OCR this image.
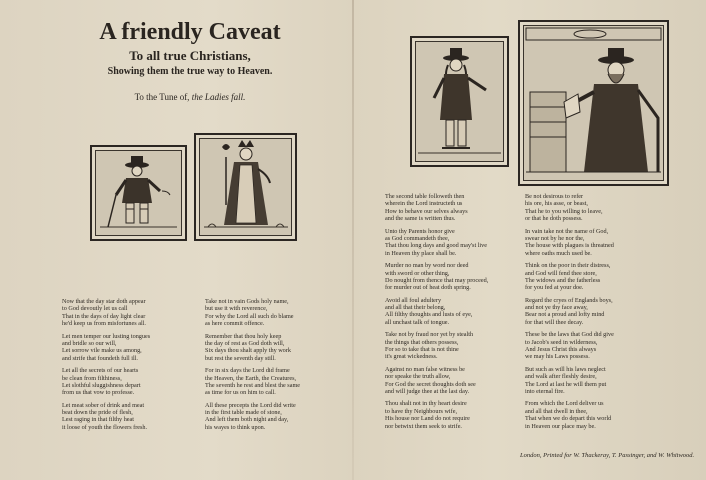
A friendly Caveat
To all true Christians,
Showing them the true way to Heaven.
To the Tune of, the Ladies fall.
Now that the day star doth appear
to God devoutly let us call
That in the days of day light clear
he'd keep us from misfortunes all.
Let men temper our lusting tongues
and bridle so our will,
Let sorrow vile make us among,
and strife that foundeth full ill.
Let all the secrets of our hearts
be clean from filthiness,
Let slothful sluggishness depart
from us that vow to professe.
Let meat sober of drink and meat
beat down the pride of flesh,
Lest raging in that filthy heat
it loose of youth the flowers fresh.
Take not in vain Gods holy name,
but use it with reverence,
For why the Lord all such do blame
as here commit offence.
Remember that thou holy keep
the day of rest as God doth will,
Six days thou shalt apply thy work
but rest the seventh day still.
For in six days the Lord did frame
the Heaven, the Earth, the Creatures,
The seventh he rest and blest the same
as time for us on him to call.
All these precepts the Lord did write
in the first table made of stone,
And left them both night and day,
his wayes to think upon.
The second table followeth then
wherein the Lord instructeth us
How to behave our selves always
and the same is written thus.
Unto thy Parents honor give
as God commandeth thee,
That thou long days and good may'st live
in Heaven thy place shall be.
Murder no man by word nor deed
with sword or other thing,
Do nought from thence that may proceed,
for murder out of heat doth spring.
Avoid all foul adultery
and all that their belong,
All filthy thoughts and lusts of eye,
all unchast talk of tongue.
Take not by fraud nor yet by stealth
the things that others possess,
For so to take that is not thine
it's great wickedness.
Against no man false witness be
nor speake the truth allow,
For God the secret thoughts doth see
and will judge thee at the last day.
Thou shalt not in thy heart desire
to have thy Neighbours wife,
His house nor Land do not require
nor betwixt them seek to strife.
Be not desirous to refer
his ore, his asse, or beast,
That he to you willing to leave,
or that he doth possess.
In vain take not the name of God,
swear not by he nor the,
The house with plagues is threatned
where oaths much used be.
Think on the poor in their distress,
and God will fend thee store,
The widows and the fatherless
for you fed at your doe.
Regard the cryes of Englands boys,
and not ye thy face away,
Bear not a proud and lofty mind
for that will thee decay.
These be the laws that God did give
to Jacob's seed in wilderness,
And Jesus Christ this always
we may his Laws possess.
But such as will his laws neglect
and walk after fleshly desire,
The Lord at last he will them put
into eternal fire.
From which the Lord deliver us
and all that dwell in thee,
That when we do depart this world
in Heaven our place may be.
London, Printed for W. Thackeray, T. Passinger, and W. Whitwood.
